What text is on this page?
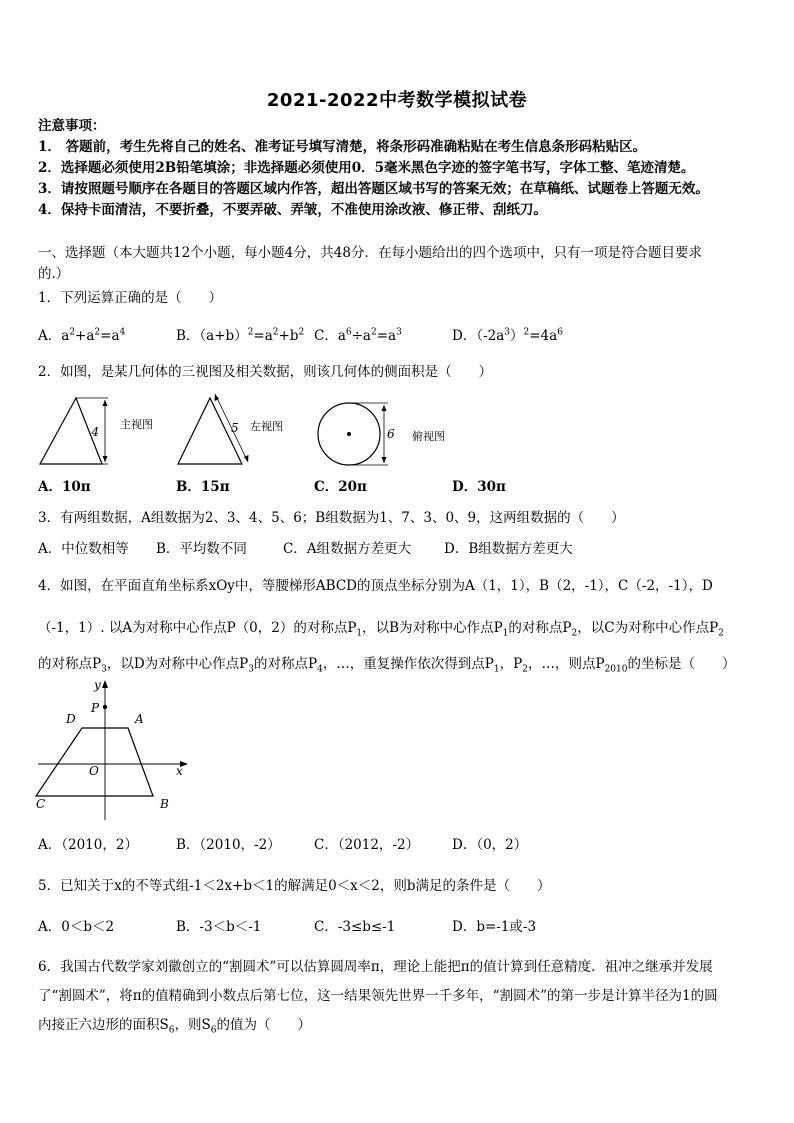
2021-2022中考数学模拟试卷
注意事项：
1． 答题前，考生先将自己的姓名、准考证号填写清楚，将条形码准确粘贴在考生信息条形码粘贴区。
2．选择题必须使用2B铅笔填涂；非选择题必须使用0．5毫米黑色字迹的签字笔书写，字体工整、笔迹清楚。
3．请按照题号顺序在各题目的答题区域内作答，超出答题区域书写的答案无效；在草稿纸、试题卷上答题无效。
4．保持卡面清洁，不要折叠，不要弄破、弄皱，不准使用涂改液、修正带、刮纸刀。
一、选择题（本大题共12个小题，每小题4分，共48分．在每小题给出的四个选项中，只有一项是符合题目要求
的.）
1．下列运算正确的是（　　）
A．$a^2+a^2=a^4$	B．$(a+b)^2=a^2+b^2$ C．$a^6\div a^2=a^3$	D．$(-2a^3)^2=4a^6$
2．如图，是某几何体的三视图及相关数据，则该几何体的侧面积是（　　）
4
主视图	5 左视图
6 俯视图
A．10π	B．15π	C．20π	D．30π
3．有两组数据，A组数据为2、3、4、5、6；B组数据为1、7、3、0、9，这两组数据的（　　）
A．中位数相等 B．平均数不同	C．A组数据方差更大 D．B组数据方差更大
4．如图，在平面直角坐标系xOy中，等腰梯形ABCD的顶点坐标分别为A（1，1），B（2，-1），C（-2，-1），D
（-1，1）. 以A为对称中心作点P（0，2）的对称点$P_1$，以B为对称中心作点$P_1$的对称点$P_2$，以C为对称中心作点$P_2$
的对称点$P_3$，以D为对称中心作点$P_3$的对称点$P_4$，…，重复操作依次得到点$P_1$，$P_2$，…，则点$P_{2010}$的坐标是（　　）
P
D	A
O	x
y
C	B
A．（2010，2）	B．（2010，-2） C．（2012，-2） D．（0，2）
5．已知关于x的不等式组-1＜2x+b＜1的解满足0＜x＜2，则b满足的条件是（　　）
A．0＜b＜2	B．-3＜b＜-1	C．-3≤b≤-1	D．b=-1或-3
6．我国古代数学家刘徽创立的“割圆术”可以估算圆周率π，理论上能把π的值计算到任意精度．祖冲之继承并发展
了“割圆术”，将π的值精确到小数点后第七位，这一结果领先世界一千多年，“割圆术”的第一步是计算半径为1的圆
内接正六边形的面积$S_6$，则$S_6$的值为（　　）
